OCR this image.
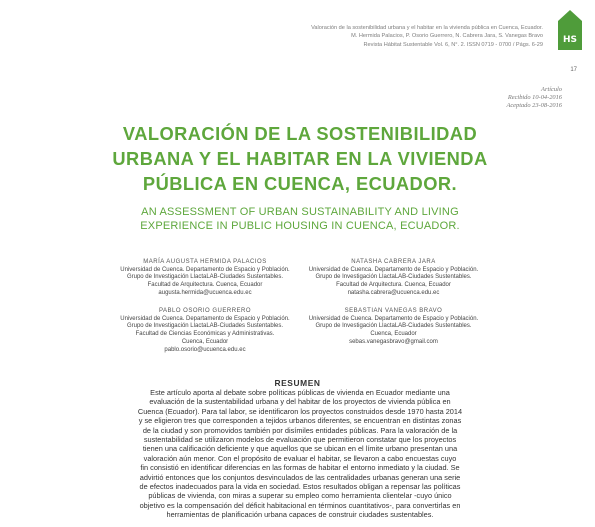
Valoración de la sostenibilidad urbana y el habitar en la vivienda pública en Cuenca, Ecuador.
M. Hermida Palacios, P. Osorio Guerrero, N. Cabrera Jara, S. Vanegas Bravo
Revista Hábitat Sustentable Vol. 6, N°. 2. ISSN 0719 - 0700 / Págs. 6-29	HS
17
Artículo
Recibido 10-04-2016
Aceptado 23-08-2016
VALORACIÓN DE LA SOSTENIBILIDAD
URBANA Y EL HABITAR EN LA VIVIENDA
PÚBLICA EN CUENCA, ECUADOR.
AN ASSESSMENT OF URBAN SUSTAINABILITY AND LIVING
EXPERIENCE IN PUBLIC HOUSING IN CUENCA, ECUADOR.
MARÍA AUGUSTA HERMIDA PALACIOS
Universidad de Cuenca. Departamento de Espacio y Población.
Grupo de Investigación LlactaLAB-Ciudades Sustentables.
Facultad de Arquitectura. Cuenca, Ecuador
augusta.hermida@ucuenca.edu.ec
NATASHA CABRERA JARA
Universidad de Cuenca. Departamento de Espacio y Población.
Grupo de Investigación LlactaLAB-Ciudades Sustentables.
Facultad de Arquitectura. Cuenca, Ecuador
natasha.cabrera@ucuenca.edu.ec
PABLO OSORIO GUERRERO
Universidad de Cuenca. Departamento de Espacio y Población.
Grupo de Investigación LlactaLAB-Ciudades Sustentables.
Facultad de Ciencias Económicas y Administrativas.
Cuenca, Ecuador
pablo.osorio@ucuenca.edu.ec
SEBASTIAN VANEGAS BRAVO
Universidad de Cuenca. Departamento de Espacio y Población.
Grupo de Investigación LlactaLAB-Ciudades Sustentables.
Cuenca, Ecuador
sebas.vanegasbravo@gmail.com
RESUMEN
Este artículo aporta al debate sobre políticas públicas de vivienda en Ecuador mediante una
evaluación de la sustentabilidad urbana y del habitar de los proyectos de vivienda pública en
Cuenca (Ecuador). Para tal labor, se identificaron los proyectos construidos desde 1970 hasta 2014
y se eligieron tres que corresponden a tejidos urbanos diferentes, se encuentran en distintas zonas
de la ciudad y son promovidos también por disímiles entidades públicas. Para la valoración de la
sustentabilidad se utilizaron modelos de evaluación que permitieron constatar que los proyectos
tienen una calificación deficiente y que aquellos que se ubican en el límite urbano presentan una
valoración aún menor. Con el propósito de evaluar el habitar, se llevaron a cabo encuestas cuyo
fin consistió en identificar diferencias en las formas de habitar el entorno inmediato y la ciudad. Se
advirtió entonces que los conjuntos desvinculados de las centralidades urbanas generan una serie
de efectos inadecuados para la vida en sociedad. Estos resultados obligan a repensar las políticas
públicas de vivienda, con miras a superar su empleo como herramienta clientelar -cuyo único
objetivo es la compensación del déficit habitacional en términos cuantitativos-, para convertirlas en
herramientas de planificación urbana capaces de construir ciudades sustentables.
